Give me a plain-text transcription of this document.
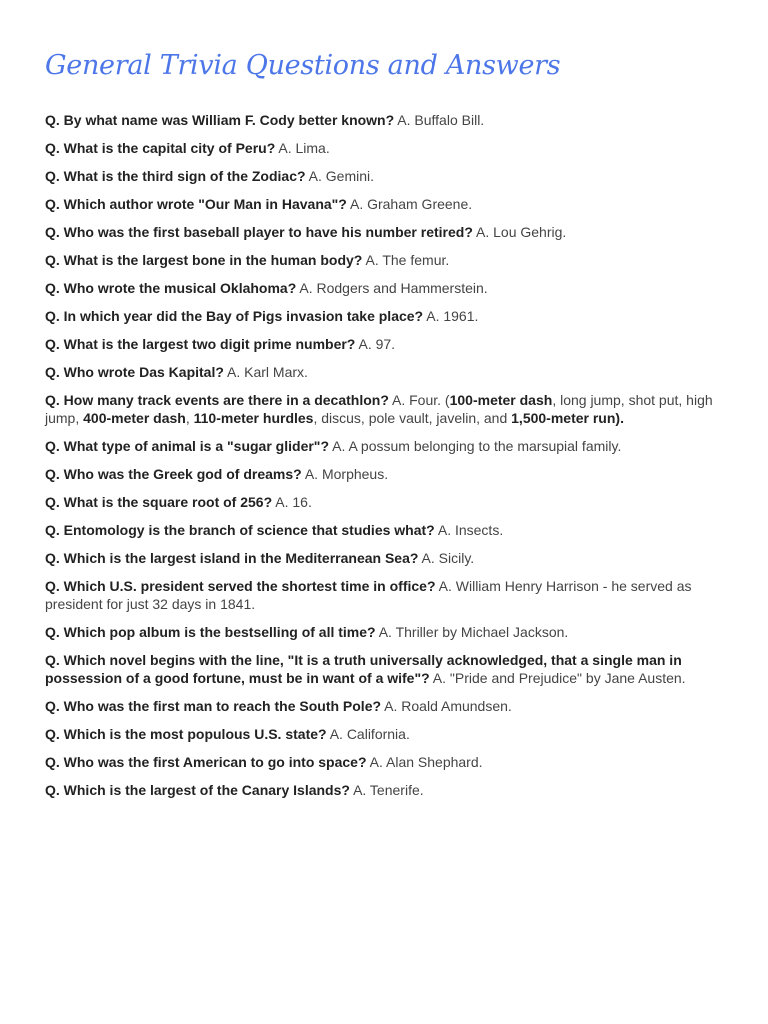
General Trivia Questions and Answers

Q. By what name was William F. Cody better known? A. Buffalo Bill.

Q. What is the capital city of Peru? A. Lima.

Q. What is the third sign of the Zodiac? A. Gemini.

Q. Which author wrote "Our Man in Havana"? A. Graham Greene.

Q. Who was the first baseball player to have his number retired? A. Lou Gehrig.

Q. What is the largest bone in the human body? A. The femur.

Q. Who wrote the musical Oklahoma? A. Rodgers and Hammerstein.

Q. In which year did the Bay of Pigs invasion take place? A. 1961.

Q. What is the largest two digit prime number? A. 97.

Q. Who wrote Das Kapital? A. Karl Marx.

Q. How many track events are there in a decathlon? A. Four. (100-meter dash, long jump, shot put, high jump, 400-meter dash, 110-meter hurdles, discus, pole vault, javelin, and 1,500-meter run).

Q. What type of animal is a "sugar glider"? A. A possum belonging to the marsupial family.

Q. Who was the Greek god of dreams? A. Morpheus.

Q. What is the square root of 256? A. 16.

Q. Entomology is the branch of science that studies what? A. Insects.

Q. Which is the largest island in the Mediterranean Sea? A. Sicily.

Q. Which U.S. president served the shortest time in office? A. William Henry Harrison - he served as president for just 32 days in 1841.

Q. Which pop album is the bestselling of all time? A. Thriller by Michael Jackson.

Q. Which novel begins with the line, "It is a truth universally acknowledged, that a single man in possession of a good fortune, must be in want of a wife"? A. "Pride and Prejudice" by Jane Austen.

Q. Who was the first man to reach the South Pole? A. Roald Amundsen.

Q. Which is the most populous U.S. state? A. California.

Q. Who was the first American to go into space? A. Alan Shephard.

Q. Which is the largest of the Canary Islands? A. Tenerife.
